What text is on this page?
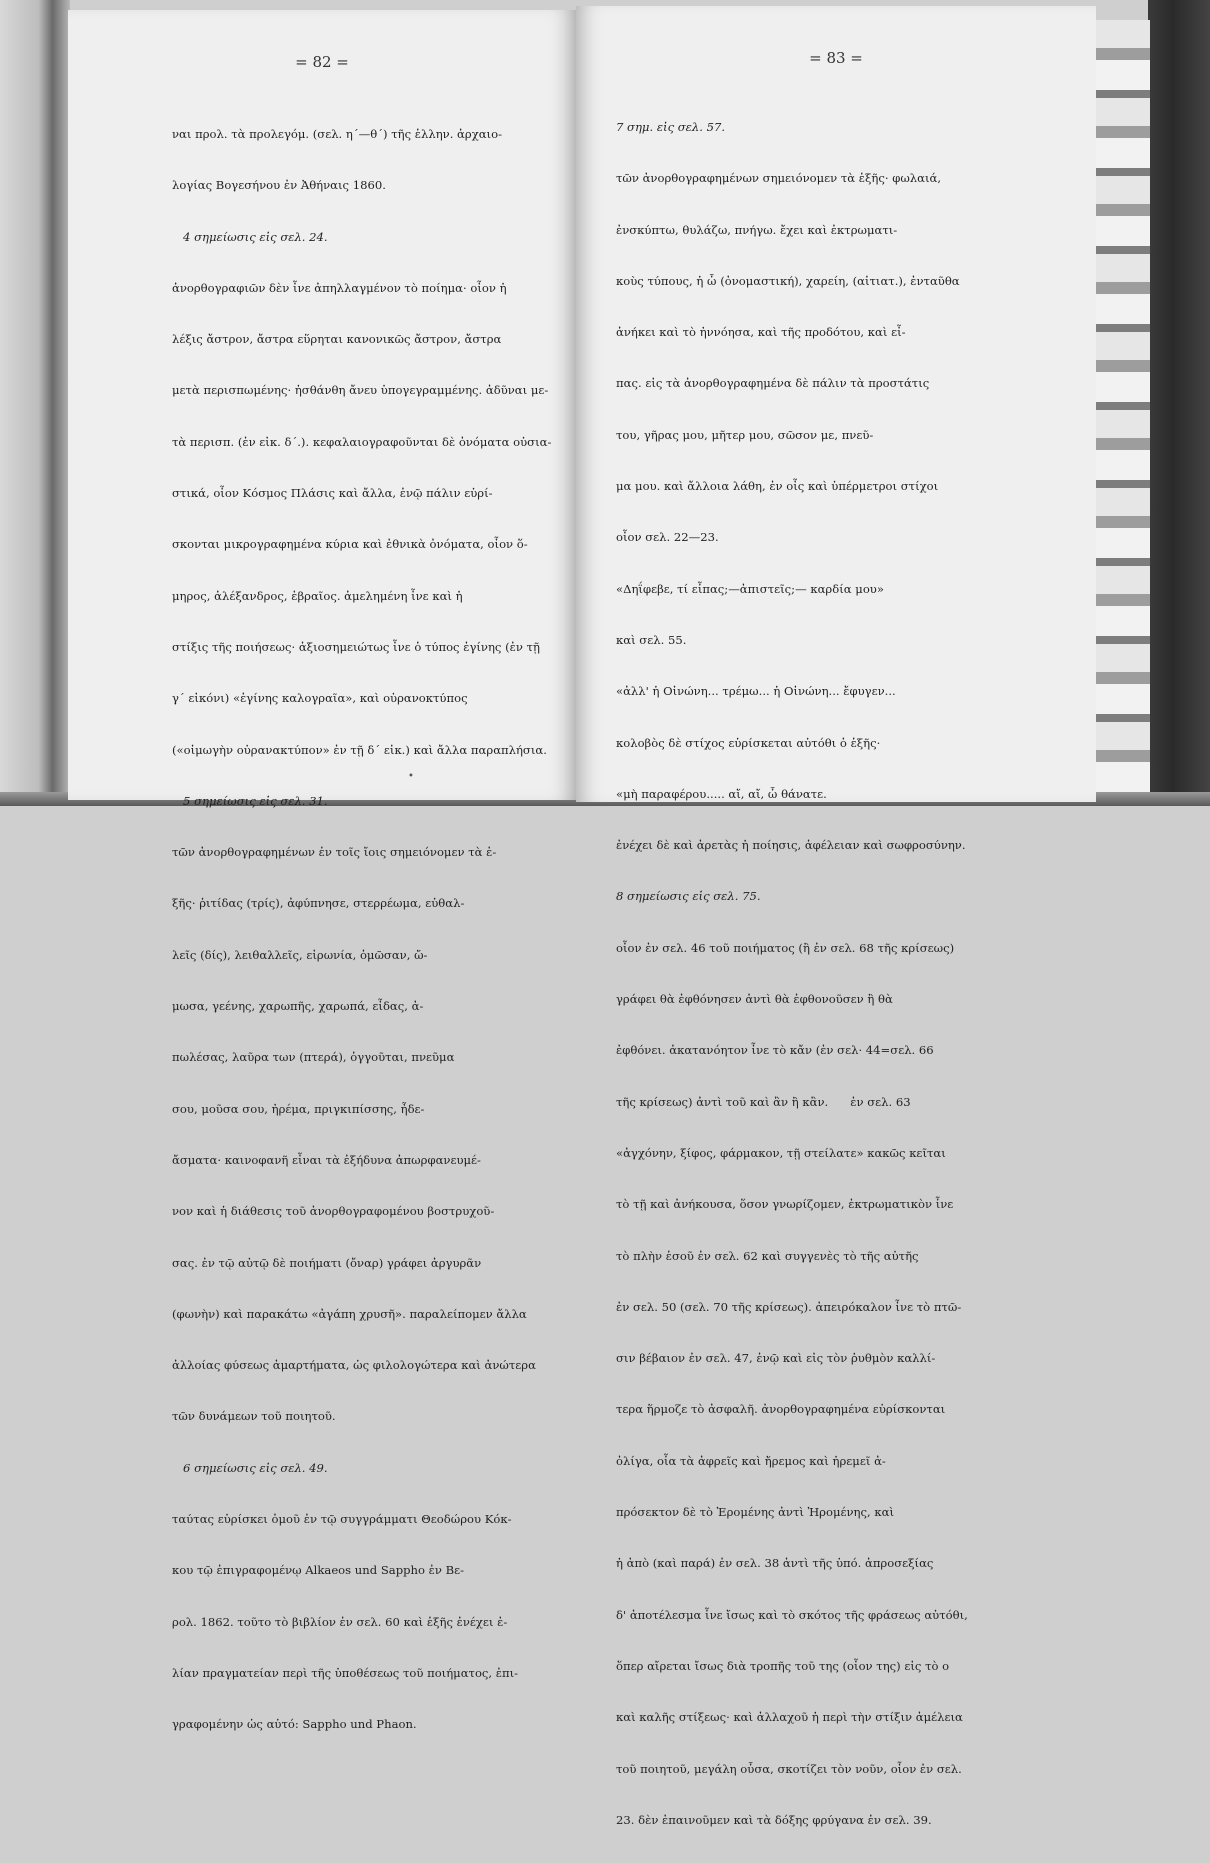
= 82 =

ναι προλ. τὰ προλεγόμ. (σελ. η΄—θ΄) τῆς ἑλλην. ἀρχαιο-

λογίας Βογεσήνου ἐν Ἀθήναις 1860.

4 σημείωσις εἰς σελ. 24.

ἀνορθογραφιῶν δὲν ἶνε ἀπηλλαγμένον τὸ ποίημα· οἷον ἡ

λέξις ἄστρον, ἄστρα εὕρηται κανονικῶς ἄστρον, ἄστρα

μετὰ περισπωμένης· ἠσθάνθη ἄνευ ὑπογεγραμμένης. ἀδῦναι με-

τὰ περισπ. (ἐν εἰκ. δ΄.). κεφαλαιογραφοῦνται δὲ ὀνόματα οὐσια-

στικά, οἷον Κόσμος Πλάσις καὶ ἄλλα, ἐνῷ πάλιν εὑρί-

σκονται μικρογραφημένα κύρια καὶ ἐθνικὰ ὀνόματα, οἷον ὅ-

μηρος, ἀλέξανδρος, ἑβραῖος. ἀμελημένη ἶνε καὶ ἡ

στίξις τῆς ποιήσεως· ἀξιοσημειώτως ἶνε ὁ τύπος ἐγίνης (ἐν τῇ

γ΄ εἰκόνι) «ἐγίνης καλογραῖα», καὶ οὐρανοκτύπος

(«οἰμωγὴν οὐρανακτύπον» ἐν τῇ δ΄ εἰκ.) καὶ ἄλλα παραπλήσια.

5 σημείωσις εἰς σελ. 31.

τῶν ἀνορθογραφημένων ἐν τοῖς ἴοις σημειόνομεν τὰ ἑ-

ξῆς· ῥιτίδας (τρίς), ἀφύπνησε, στερρέωμα, εὐθαλ-

λεῖς (δίς), λειθαλλεῖς, εἰρωνία, ὁμῶσαν, ὤ-

μωσα, γεένης, χαρωπῆς, χαρωπά, εἶδας, ἀ-

πωλέσας, λαῦρα των (πτερά), ὀγγοῦται, πνεῦμα

σου, μοῦσα σου, ἠρέμα, πριγκιπίσσης, ἦδε-

ἄσματα· καινοφανῆ εἶναι τὰ ἐξήδυνα ἀπωρφανευμέ-

νον καὶ ἡ διάθεσις τοῦ ἀνορθογραφομένου βοστρυχοῦ-

σας. ἐν τῷ αὐτῷ δὲ ποιήματι (ὄναρ) γράφει ἀργυρᾶν

(φωνὴν) καὶ παρακάτω «ἀγάπη χρυσῆ». παραλείπομεν ἄλλα

ἀλλοίας φύσεως ἁμαρτήματα, ὡς φιλολογώτερα καὶ ἀνώτερα

τῶν δυνάμεων τοῦ ποιητοῦ.

6 σημείωσις εἰς σελ. 49.

ταύτας εὑρίσκει ὁμοῦ ἐν τῷ συγγράμματι Θεοδώρου Κόκ-

κου τῷ ἐπιγραφομένῳ Alkaeos und Sappho ἐν Βε-

ρολ. 1862. τοῦτο τὸ βιβλίον ἐν σελ. 60 καὶ ἑξῆς ἐνέχει ἐ-

λίαν πραγματείαν περὶ τῆς ὑποθέσεως τοῦ ποιήματος, ἐπι-

γραφομένην ὡς αὐτό: Sappho und Phaon.

•
= 83 =

7 σημ. εἰς σελ. 57.

τῶν ἀνορθογραφημένων σημειόνομεν τὰ ἑξῆς· φωλαιά,

ἐνσκύπτω, θυλάζω, πνήγω. ἔχει καὶ ἐκτρωματι-

κοὺς τύπους, ἡ ὦ (ὀνομαστική), χαρείη, (αἰτιατ.), ἐνταῦθα

ἀνήκει καὶ τὸ ἠννόησα, καὶ τῆς προδότου, καὶ εἶ-

πας. εἰς τὰ ἀνορθογραφημένα δὲ πάλιν τὰ προστάτις

του, γῆρας μου, μῆτερ μου, σῶσον με, πνεῦ-

μα μου. καὶ ἄλλοια λάθη, ἐν οἷς καὶ ὑπέρμετροι στίχοι

οἷον σελ. 22—23.

«Δηΐφεβε, τί εἶπας;—ἀπιστεῖς;— καρδία μου»

καὶ σελ. 55.

«ἀλλ' ἡ Οἰνώνη... τρέμω... ἡ Οἰνώνη... ἔφυγεν...

κολοβὸς δὲ στίχος εὑρίσκεται αὐτόθι ὁ ἑξῆς·

«μὴ παραφέρου..... αἴ, αἴ, ὦ θάνατε.

ἐνέχει δὲ καὶ ἀρετὰς ἡ ποίησις, ἀφέλειαν καὶ σωφροσύνην.

8 σημείωσις εἰς σελ. 75.

οἷον ἐν σελ. 46 τοῦ ποιήματος (ἢ ἐν σελ. 68 τῆς κρίσεως)

γράφει θὰ ἐφθόνησεν ἀντὶ θὰ ἐφθονοῦσεν ἢ θὰ

ἐφθόνει. ἀκατανόητον ἶνε τὸ κἄν (ἐν σελ· 44=σελ. 66

τῆς κρίσεως) ἀντὶ τοῦ καὶ ἂν ἢ κἂν.      ἐν σελ. 63

«ἀγχόνην, ξίφος, φάρμακον, τῇ στείλατε» κακῶς κεῖται

τὸ τῇ καὶ ἀνήκουσα, ὅσον γνωρίζομεν, ἐκτρωματικὸν ἶνε

τὸ πλὴν ἑσοῦ ἐν σελ. 62 καὶ συγγενὲς τὸ τῆς αὐτῆς

ἐν σελ. 50 (σελ. 70 τῆς κρίσεως). ἀπειρόκαλον ἶνε τὸ πτῶ-

σιν βέβαιον ἐν σελ. 47, ἐνῷ καὶ εἰς τὸν ῥυθμὸν καλλί-

τερα ἥρμοζε τὸ ἀσφαλῆ. ἀνορθογραφημένα εὑρίσκονται

ὀλίγα, οἷα τὰ ἀφρεῖς καὶ ἤρεμος καὶ ἠρεμεῖ ἀ-

πρόσεκτον δὲ τὸ Ἐρομένης ἀντὶ Ἠρομένης, καὶ

ἡ ἀπὸ (καὶ παρά) ἐν σελ. 38 ἀντὶ τῆς ὑπό. ἀπροσεξίας

δ' ἀποτέλεσμα ἶνε ἴσως καὶ τὸ σκότος τῆς φράσεως αὐτόθι,

ὅπερ αἴρεται ἴσως διὰ τροπῆς τοῦ της (οἷον της) εἰς τὸ ο

καὶ καλῆς στίξεως· καὶ ἀλλαχοῦ ἡ περὶ τὴν στίξιν ἀμέλεια

τοῦ ποιητοῦ, μεγάλη οὖσα, σκοτίζει τὸν νοῦν, οἷον ἐν σελ.

23. δὲν ἐπαινοῦμεν καὶ τὰ δόξης φρύγανα ἐν σελ. 39.
